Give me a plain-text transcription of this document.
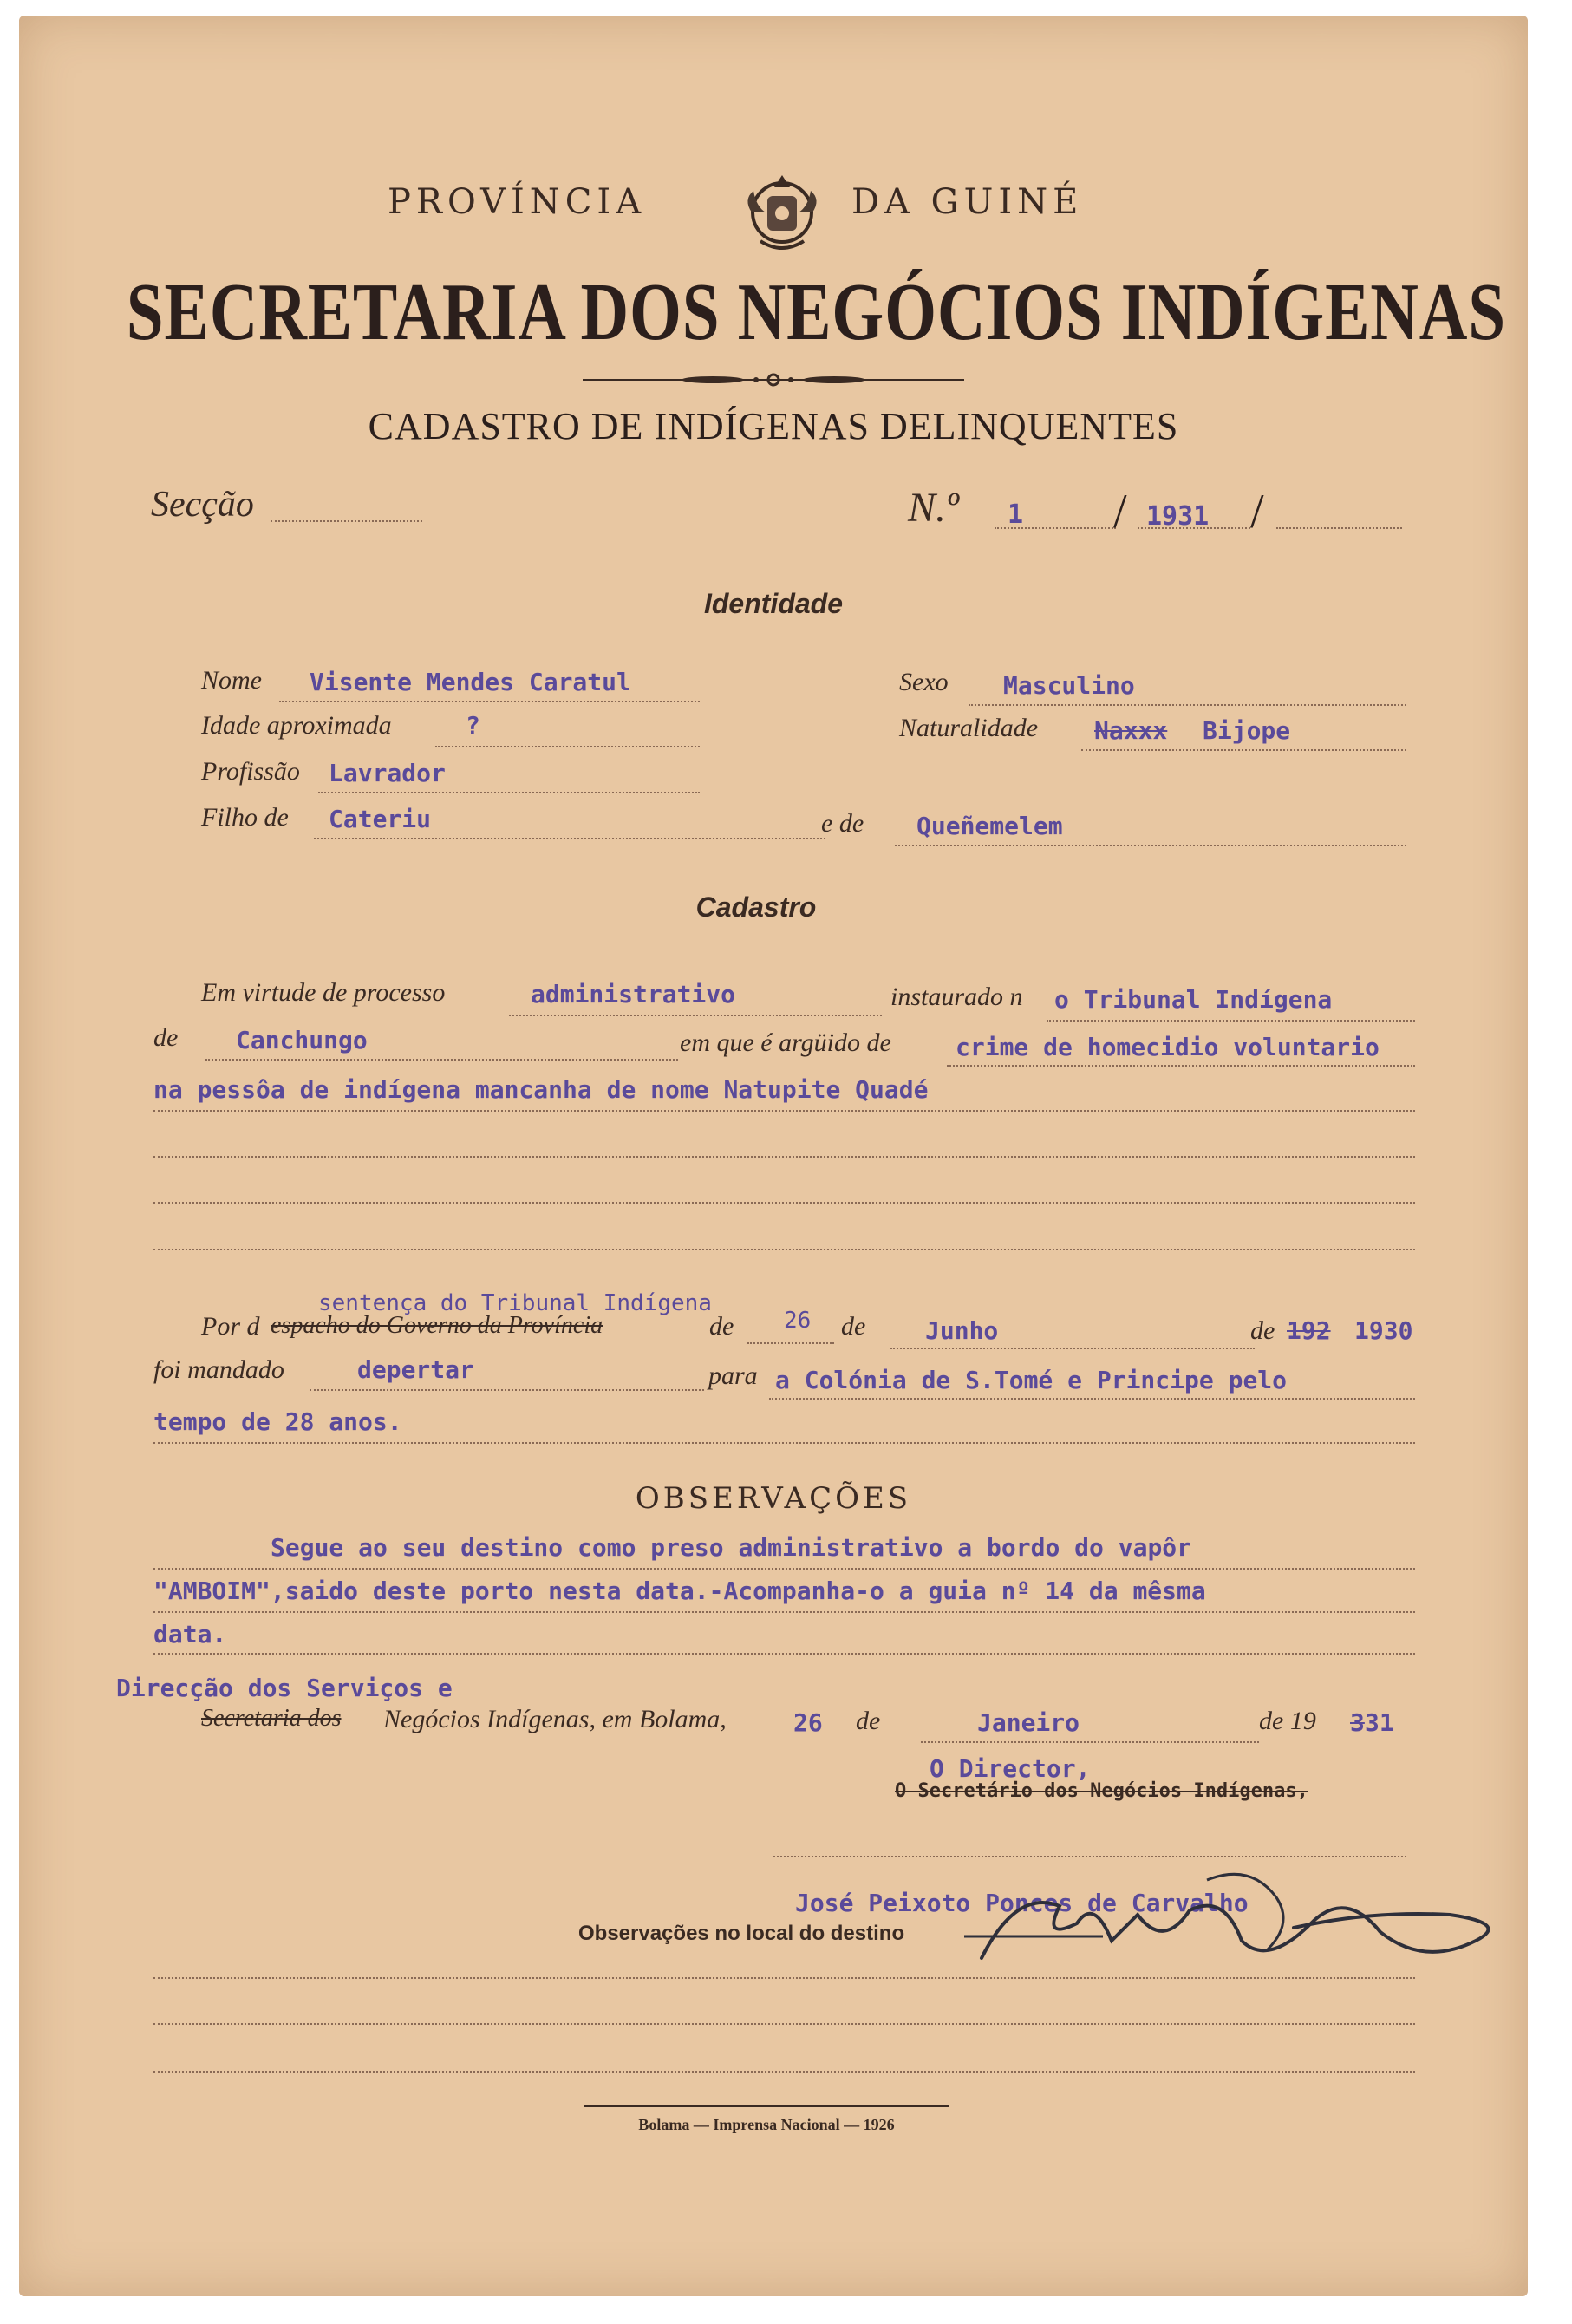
PROVÍNCIA	DA GUINÉ
SECRETARIA DOS NEGÓCIOS INDÍGENAS
CADASTRO DE INDÍGENAS DELINQUENTES
Secção	N.º 1 / 1931 /
Identidade
Nome Visente Mendes Caratul	Sexo Masculino
Idade aproximada	?	Naturalidade Naxxx Bijope
Profissão Lavrador
Filho de Cateriu	e de Queñemelem
Cadastro
Em virtude de processo	administrativo	instaurado n o Tribunal Indígena
de Canchungo	em que é argüido de	crime de homecidio voluntario
na pessôa de indígena mancanha de nome Natupite Quadé
sentença do Tribunal Indígena
Por d espacho do Governo da Província	de 26 de Junho	de 192 1930
foi mandado	depertar	para a Colónia de S.Tomé e Principe pelo
tempo de 28 anos.
OBSERVAÇÕES
Segue ao seu destino como preso administrativo a bordo do vapôr
"AMBOIM",saido deste porto nesta data.-Acompanha-o a guia nº 14 da mêsma
data.
Direcção dos Serviços e
Secretaria dos Negócios Indígenas, em Bolama,	26 de	Janeiro	de 19 3 31
O Director,
O Secretário dos Negócios Indígenas,
José Peixoto Ponces de Carvalho
Observações no local do destino
Bolama — Imprensa Nacional — 1926
